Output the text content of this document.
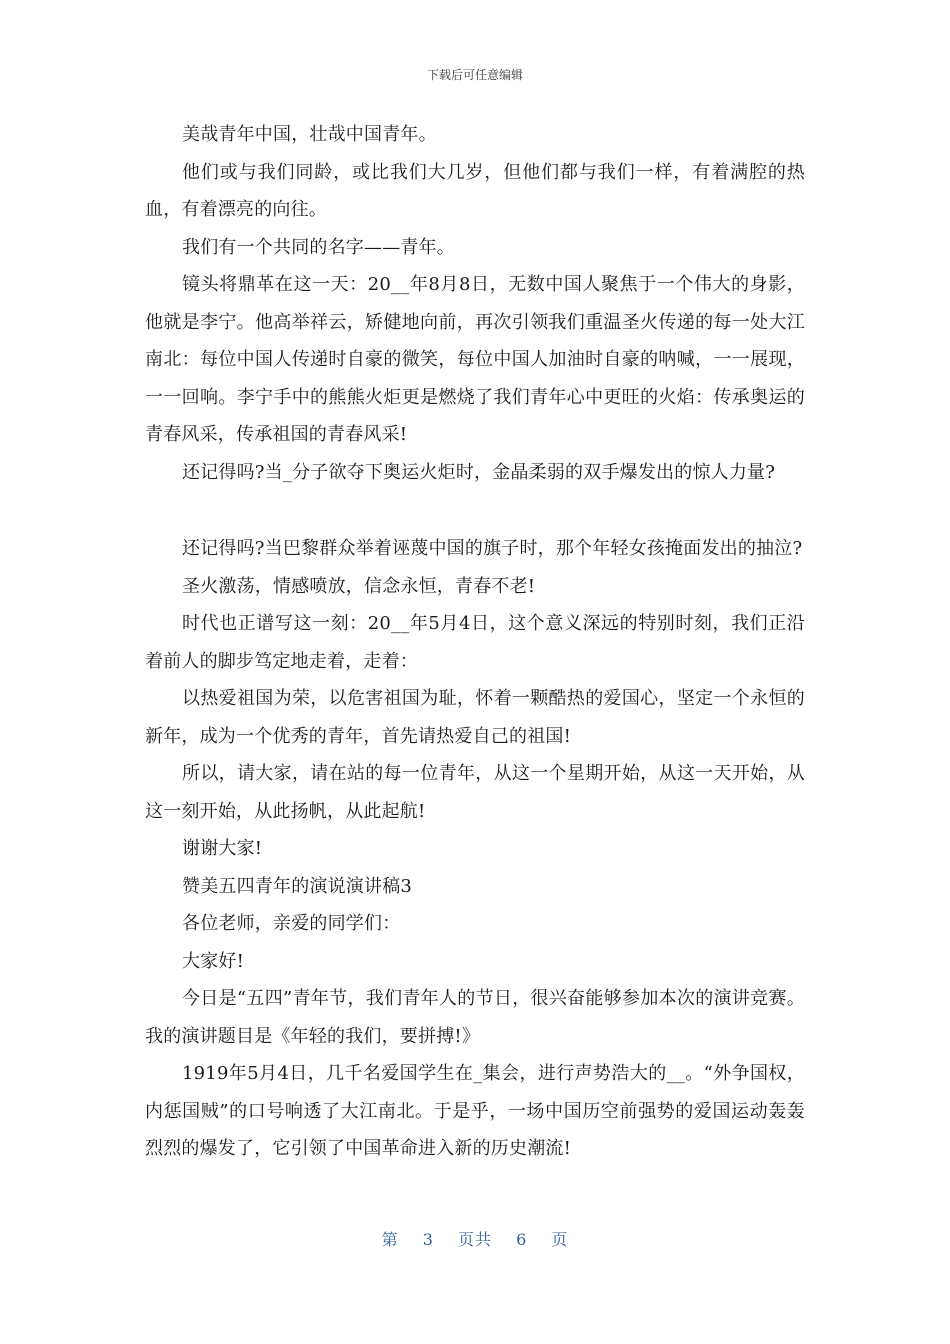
下载后可任意编辑

美哉青年中国，壮哉中国青年。

他们或与我们同龄，或比我们大几岁，但他们都与我们一样，有着满腔的热血，有着漂亮的向往。

我们有一个共同的名字——青年。

镜头将鼎革在这一天：20__年8月8日，无数中国人聚焦于一个伟大的身影，他就是李宁。他高举祥云，矫健地向前，再次引领我们重温圣火传递的每一处大江南北：每位中国人传递时自豪的微笑，每位中国人加油时自豪的呐喊，一一展现，一一回响。李宁手中的熊熊火炬更是燃烧了我们青年心中更旺的火焰：传承奥运的青春风采，传承祖国的青春风采!

还记得吗?当_分子欲夺下奥运火炬时，金晶柔弱的双手爆发出的惊人力量?

还记得吗?当巴黎群众举着诬蔑中国的旗子时，那个年轻女孩掩面发出的抽泣?

圣火激荡，情感喷放，信念永恒，青春不老!

时代也正谱写这一刻：20__年5月4日，这个意义深远的特别时刻，我们正沿着前人的脚步笃定地走着，走着：

以热爱祖国为荣，以危害祖国为耻，怀着一颗酷热的爱国心，坚定一个永恒的新年，成为一个优秀的青年，首先请热爱自己的祖国!

所以，请大家，请在站的每一位青年，从这一个星期开始，从这一天开始，从这一刻开始，从此扬帆，从此起航!

谢谢大家!

赞美五四青年的演说演讲稿3

各位老师，亲爱的同学们：

大家好!

今日是“五四”青年节，我们青年人的节日，很兴奋能够参加本次的演讲竞赛。我的演讲题目是《年轻的我们，要拼搏!》

1919年5月4日，几千名爱国学生在_集会，进行声势浩大的__。“外争国权，内惩国贼”的口号响透了大江南北。于是乎，一场中国历空前强势的爱国运动轰轰烈烈的爆发了，它引领了中国革命进入新的历史潮流!

第 3 页共 6 页
